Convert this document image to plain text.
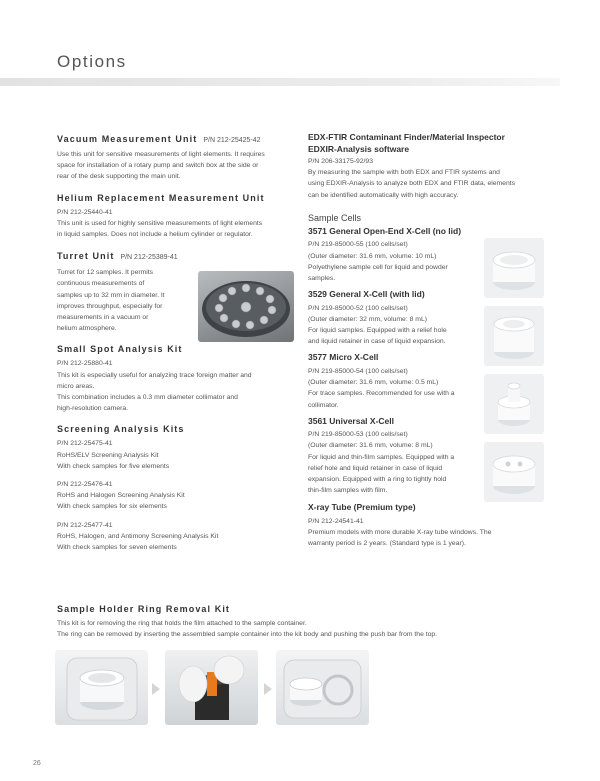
Options

Vacuum Measurement Unit P/N 212-25425-42

Use this unit for sensitive measurements of light elements. It requires

space for installation of a rotary pump and switch box at the side or

rear of the desk supporting the main unit.

Helium Replacement Measurement Unit

P/N 212-25440-41

This unit is used for highly sensitive measurements of light elements

in liquid samples. Does not include a helium cylinder or regulator.

Turret Unit P/N 212-25389-41

Turret for 12 samples. It permits

continuous measurements of

samples up to 32 mm in diameter. It

improves throughput, especially for

measurements in a vacuum or

helium atmosphere.

Small Spot Analysis Kit

P/N 212-25880-41

This kit is especially useful for analyzing trace foreign matter and

micro areas.

This combination includes a 0.3 mm diameter collimator and

high-resolution camera.

Screening Analysis Kits

P/N 212-25475-41

RoHS/ELV Screening Analysis Kit

With check samples for five elements

P/N 212-25476-41

RoHS and Halogen Screening Analysis Kit

With check samples for six elements

P/N 212-25477-41

RoHS, Halogen, and Antimony Screening Analysis Kit

With check samples for seven elements

EDX-FTIR Contaminant Finder/Material Inspector

EDXIR-Analysis software

P/N 206-33175-92/93

By measuring the sample with both EDX and FTIR systems and

using EDXIR-Analysis to analyze both EDX and FTIR data, elements

can be identified automatically with high accuracy.

Sample Cells

3571 General Open-End X-Cell (no lid)

P/N 219-85000-55 (100 cells/set)

(Outer diameter: 31.6 mm, volume: 10 mL)

Polyethylene sample cell for liquid and powder

samples.

3529 General X-Cell (with lid)

P/N 219-85000-52 (100 cells/set)

(Outer diameter: 32 mm, volume: 8 mL)

For liquid samples. Equipped with a relief hole

and liquid retainer in case of liquid expansion.

3577 Micro X-Cell

P/N 219-85000-54 (100 cells/set)

(Outer diameter: 31.6 mm, volume: 0.5 mL)

For trace samples. Recommended for use with a

collimator.

3561 Universal X-Cell

P/N 219-85000-53 (100 cells/set)

(Outer diameter: 31.6 mm, volume: 8 mL)

For liquid and thin-film samples. Equipped with a

relief hole and liquid retainer in case of liquid

expansion. Equipped with a ring to tightly hold

thin-film samples with film.

X-ray Tube (Premium type)

P/N 212-24541-41

Premium models with more durable X-ray tube windows. The

warranty period is 2 years. (Standard type is 1 year).

Sample Holder Ring Removal Kit

This kit is for removing the ring that holds the film attached to the sample container.

The ring can be removed by inserting the assembled sample container into the kit body and pushing the push bar from the top.

26
